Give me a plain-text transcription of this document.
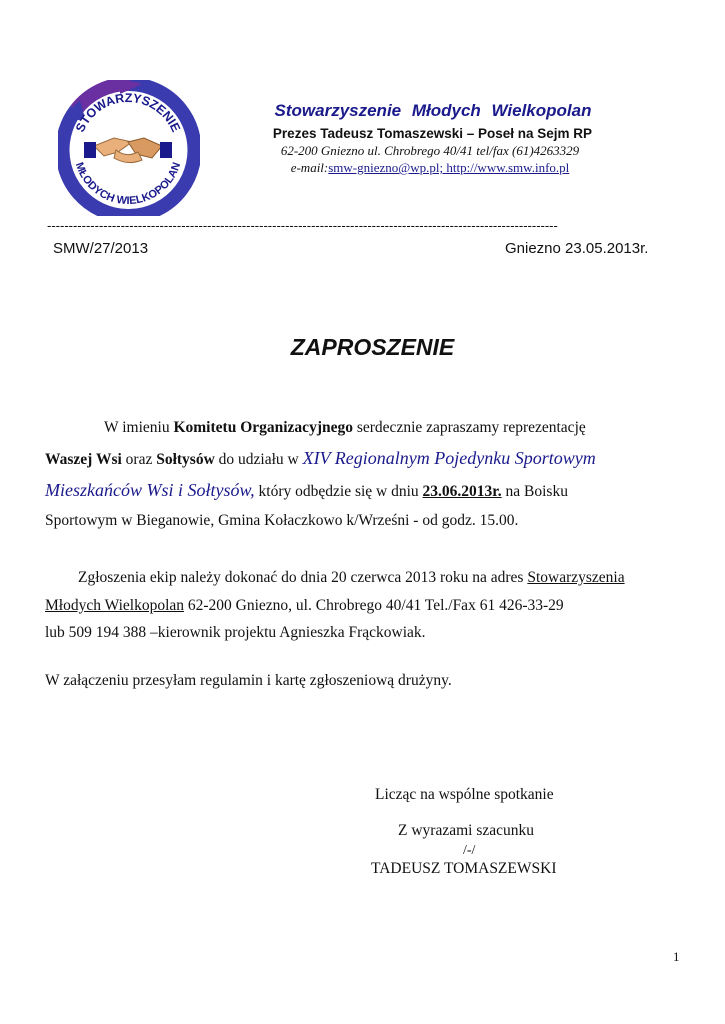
STOWARZYSZENIE
MŁODYCH WIELKOPOLAN
Stowarzyszenie Młodych Wielkopolan
Prezes Tadeusz Tomaszewski – Poseł na Sejm RP
62-200 Gniezno ul. Chrobrego 40/41 tel/fax (61)4263329
e-mail:smw-gniezno@wp.pl; http://www.smw.info.pl
----------------------------------------------------------------------------------------------------------------------
SMW/27/2013	Gniezno 23.05.2013r.
ZAPROSZENIE
W imieniu Komitetu Organizacyjnego serdecznie zapraszamy reprezentację
Waszej Wsi oraz Sołtysów do udziału w XIV Regionalnym Pojedynku Sportowym
Mieszkańców Wsi i Sołtysów, który odbędzie się w dniu 23.06.2013r. na Boisku
Sportowym w Bieganowie, Gmina Kołaczkowo k/Wrześni - od godz. 15.00.
Zgłoszenia ekip należy dokonać do dnia 20 czerwca 2013 roku na adres Stowarzyszenia
Młodych Wielkopolan 62-200 Gniezno, ul. Chrobrego 40/41 Tel./Fax 61 426-33-29
lub 509 194 388 –kierownik projektu Agnieszka Frąckowiak.
W załączeniu przesyłam regulamin i kartę zgłoszeniową drużyny.
Licząc na wspólne spotkanie
Z wyrazami szacunku
/-/
TADEUSZ TOMASZEWSKI
1
